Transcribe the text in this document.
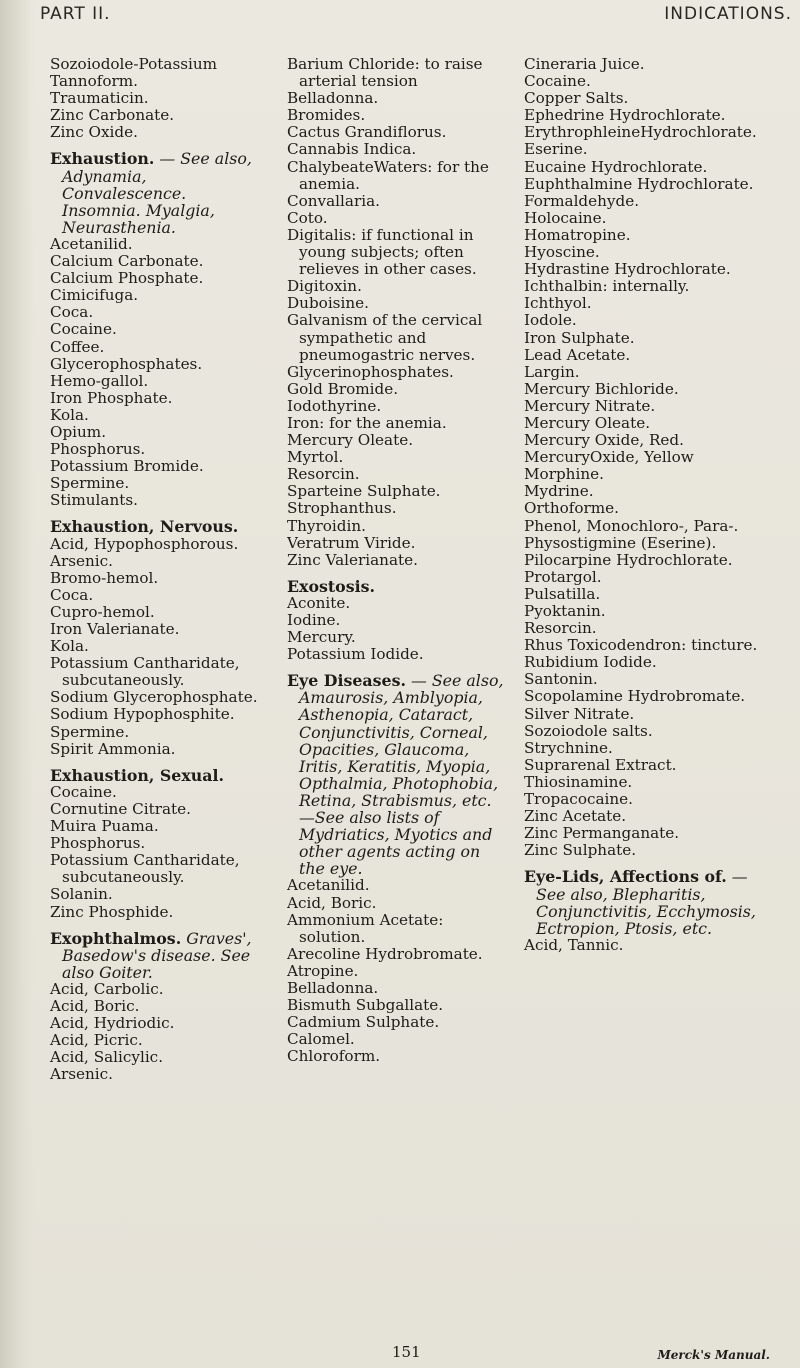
PART II.	INDICATIONS.
Sozoiodole-Potassium
Tannoform.
Traumaticin.
Zinc Carbonate.
Zinc Oxide.
Exhaustion. — See also, Adynamia, Convalescence. Insomnia. Myalgia, Neurasthenia.
Acetanilid.
Calcium Carbonate.
Calcium Phosphate.
Cimicifuga.
Coca.
Cocaine.
Coffee.
Glycerophosphates.
Hemo-gallol.
Iron Phosphate.
Kola.
Opium.
Phosphorus.
Potassium Bromide.
Spermine.
Stimulants.
Exhaustion, Nervous.
Acid, Hypophosphorous.
Arsenic.
Bromo-hemol.
Coca.
Cupro-hemol.
Iron Valerianate.
Kola.
Potassium Cantharidate, subcutaneously.
Sodium Glycerophosphate.
Sodium Hypophosphite.
Spermine.
Spirit Ammonia.
Exhaustion, Sexual.
Cocaine.
Cornutine Citrate.
Muira Puama.
Phosphorus.
Potassium Cantharidate, subcutaneously.
Solanin.
Zinc Phosphide.
Exophthalmos. Graves', Basedow's disease. See also Goiter.
Acid, Carbolic.
Acid, Boric.
Acid, Hydriodic.
Acid, Picric.
Acid, Salicylic.
Arsenic.
Barium Chloride: to raise arterial tension
Belladonna.
Bromides.
Cactus Grandiflorus.
Cannabis Indica.
ChalybeateWaters: for the anemia.
Convallaria.
Coto.
Digitalis: if functional in young subjects; often relieves in other cases.
Digitoxin.
Duboisine.
Galvanism of the cervical sympathetic and pneumogastric nerves.
Glycerinophosphates.
Gold Bromide.
Iodothyrine.
Iron: for the anemia.
Mercury Oleate.
Myrtol.
Resorcin.
Sparteine Sulphate.
Strophanthus.
Thyroidin.
Veratrum Viride.
Zinc Valerianate.
Exostosis.
Aconite.
Iodine.
Mercury.
Potassium Iodide.
Eye Diseases. — See also, Amaurosis, Amblyopia, Asthenopia, Cataract, Conjunctivitis, Corneal, Opacities, Glaucoma, Iritis, Keratitis, Myopia, Opthalmia, Photophobia, Retina, Strabismus, etc.—See also lists of Mydriatics, Myotics and other agents acting on the eye.
Acetanilid.
Acid, Boric.
Ammonium Acetate: solution.
Arecoline Hydrobromate.
Atropine.
Belladonna.
Bismuth Subgallate.
Cadmium Sulphate.
Calomel.
Chloroform.
Cineraria Juice.
Cocaine.
Copper Salts.
Ephedrine Hydrochlorate.
ErythrophleineHydrochlorate.
Eserine.
Eucaine Hydrochlorate.
Euphthalmine Hydrochlorate.
Formaldehyde.
Holocaine.
Homatropine.
Hyoscine.
Hydrastine Hydrochlorate.
Ichthalbin: internally.
Ichthyol.
Iodole.
Iron Sulphate.
Lead Acetate.
Largin.
Mercury Bichloride.
Mercury Nitrate.
Mercury Oleate.
Mercury Oxide, Red.
MercuryOxide, Yellow
Morphine.
Mydrine.
Orthoforme.
Phenol, Monochloro-, Para-.
Physostigmine (Eserine).
Pilocarpine Hydrochlorate.
Protargol.
Pulsatilla.
Pyoktanin.
Resorcin.
Rhus Toxicodendron: tincture.
Rubidium Iodide.
Santonin.
Scopolamine Hydrobromate.
Silver Nitrate.
Sozoiodole salts.
Strychnine.
Suprarenal Extract.
Thiosinamine.
Tropacocaine.
Zinc Acetate.
Zinc Permanganate.
Zinc Sulphate.
Eye-Lids, Affections of. — See also, Blepharitis, Conjunctivitis, Ecchymosis, Ectropion, Ptosis, etc.
Acid, Tannic.
151	Merck's Manual.
